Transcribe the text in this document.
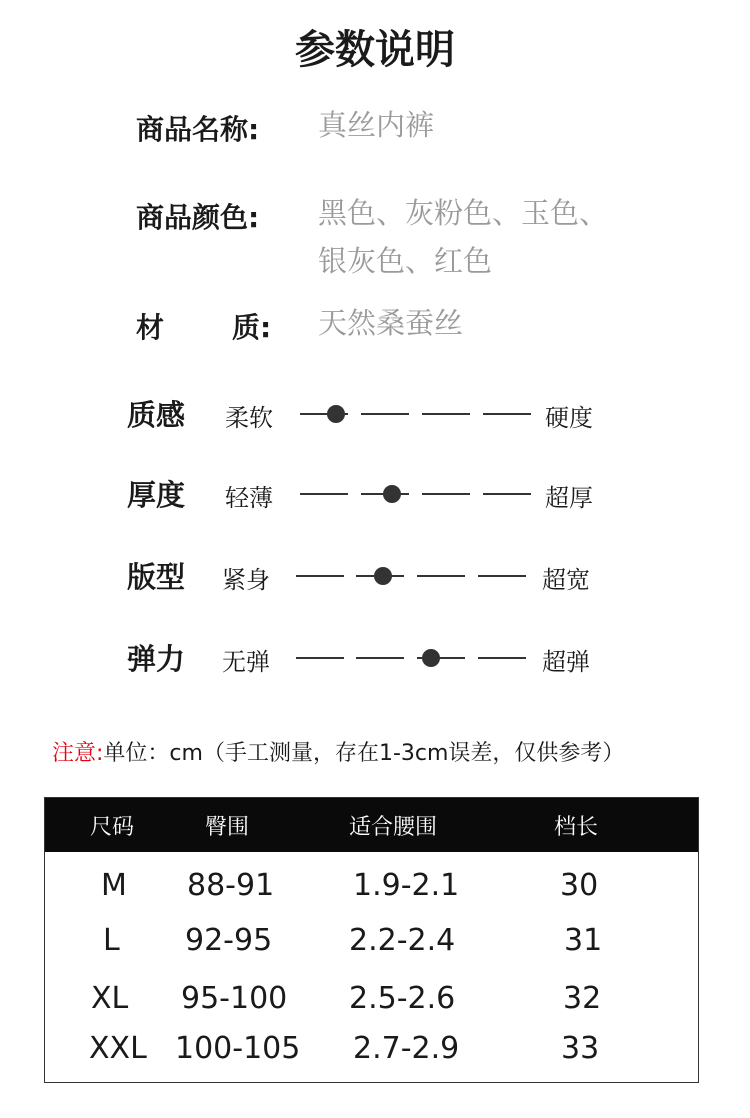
参数说明
商品名称: 真丝内裤
商品颜色: 黑色、灰粉色、玉色、
银灰色、红色
材 质: 天然桑蚕丝
质感 柔软	硬度
厚度 轻薄	超厚
版型 紧身	超宽
弹力 无弹	超弹
注意:单位：cm（手工测量，存在1-3cm误差，仅供参考）
尺码	臀围	适合腰围	档长
M 88-91	1.9-2.1	30
L 92-95	2.2-2.4	31
XL 95-100 2.5-2.6	32
XXL 100-105 2.7-2.9	33
